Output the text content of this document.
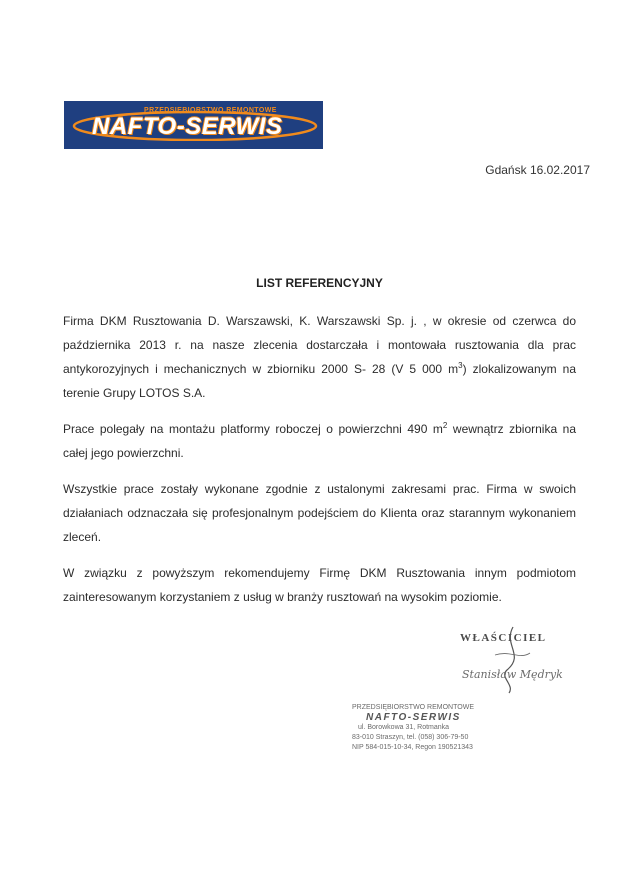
PRZEDSIĘBIORSTWO REMONTOWE
NAFTO-SERWIS
Gdańsk 16.02.2017
LIST REFERENCYJNY

Firma DKM Rusztowania D. Warszawski, K. Warszawski Sp. j. , w okresie od czerwca do października 2013 r. na nasze zlecenia dostarczała i montowała rusztowania dla prac antykorozyjnych i mechanicznych w zbiorniku 2000 S- 28 (V 5 000 $m^3$) zlokalizowanym na terenie Grupy LOTOS S.A.

Prace polegały na montażu platformy roboczej o powierzchni 490 $m^2$ wewnątrz zbiornika na całej jego powierzchni.

Wszystkie prace zostały wykonane zgodnie z ustalonymi zakresami prac. Firma w swoich działaniach odznaczała się profesjonalnym podejściem do Klienta oraz starannym wykonaniem zleceń.

W związku z powyższym rekomendujemy Firmę DKM Rusztowania innym podmiotom zainteresowanym korzystaniem z usług w branży rusztowań na wysokim poziomie.

WŁAŚCICIEL
Stanisław Mędryk
PRZEDSIĘBIORSTWO REMONTOWE
NAFTO-SERWIS
ul. Borowkowa 31, Rotmanka
83-010 Straszyn, tel. (058) 306-79-50
NIP 584-015-10-34, Regon 190521343
